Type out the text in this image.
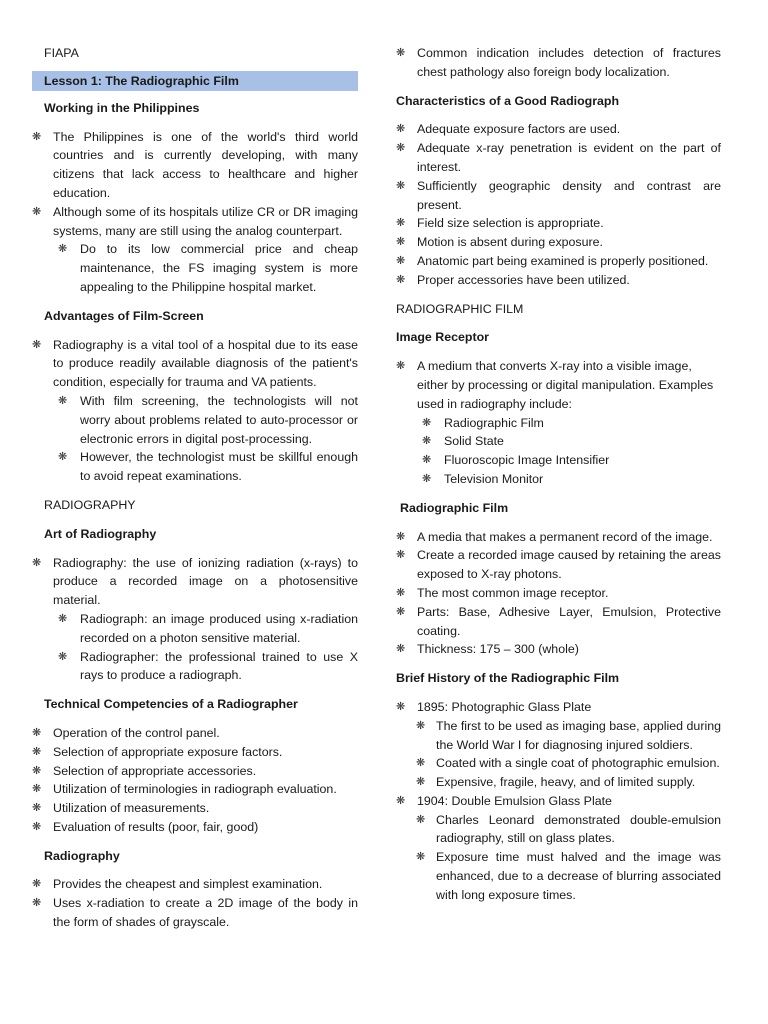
FIAPA

Lesson 1: The Radiographic Film

Working in the Philippines

❋ The Philippines is one of the world's third world countries and is currently developing, with many citizens that lack access to healthcare and higher education.
❋ Although some of its hospitals utilize CR or DR imaging systems, many are still using the analog counterpart.
❋ Do to its low commercial price and cheap maintenance, the FS imaging system is more appealing to the Philippine hospital market.

Advantages of Film-Screen

❋ Radiography is a vital tool of a hospital due to its ease to produce readily available diagnosis of the patient's condition, especially for trauma and VA patients.
❋ With film screening, the technologists will not worry about problems related to auto-processor or electronic errors in digital post-processing.
❋ However, the technologist must be skillful enough to avoid repeat examinations.

RADIOGRAPHY

Art of Radiography

❋ Radiography: the use of ionizing radiation (x-rays) to produce a recorded image on a photosensitive material.
❋ Radiograph: an image produced using x-radiation recorded on a photon sensitive material.
❋ Radiographer: the professional trained to use X rays to produce a radiograph.

Technical Competencies of a Radiographer

❋ Operation of the control panel.
❋ Selection of appropriate exposure factors.
❋ Selection of appropriate accessories.
❋ Utilization of terminologies in radiograph evaluation.
❋ Utilization of measurements.
❋ Evaluation of results (poor, fair, good)

Radiography

❋ Provides the cheapest and simplest examination.
❋ Uses x-radiation to create a 2D image of the body in the form of shades of grayscale.
❋ Common indication includes detection of fractures chest pathology also foreign body localization.

Characteristics of a Good Radiograph

❋ Adequate exposure factors are used.
❋ Adequate x-ray penetration is evident on the part of interest.
❋ Sufficiently geographic density and contrast are present.
❋ Field size selection is appropriate.
❋ Motion is absent during exposure.
❋ Anatomic part being examined is properly positioned.
❋ Proper accessories have been utilized.

RADIOGRAPHIC FILM

Image Receptor

❋ A medium that converts X-ray into a visible image, either by processing or digital manipulation. Examples used in radiography include:
❋ Radiographic Film
❋ Solid State
❋ Fluoroscopic Image Intensifier
❋ Television Monitor

Radiographic Film

❋ A media that makes a permanent record of the image.
❋ Create a recorded image caused by retaining the areas exposed to X-ray photons.
❋ The most common image receptor.
❋ Parts: Base, Adhesive Layer, Emulsion, Protective coating.
❋ Thickness: 175 – 300 (whole)

Brief History of the Radiographic Film

❋ 1895: Photographic Glass Plate
❋ The first to be used as imaging base, applied during the World War I for diagnosing injured soldiers.
❋ Coated with a single coat of photographic emulsion.
❋ Expensive, fragile, heavy, and of limited supply.
❋ 1904: Double Emulsion Glass Plate
❋ Charles Leonard demonstrated double-emulsion radiography, still on glass plates.
❋ Exposure time must halved and the image was enhanced, due to a decrease of blurring associated with long exposure times.
